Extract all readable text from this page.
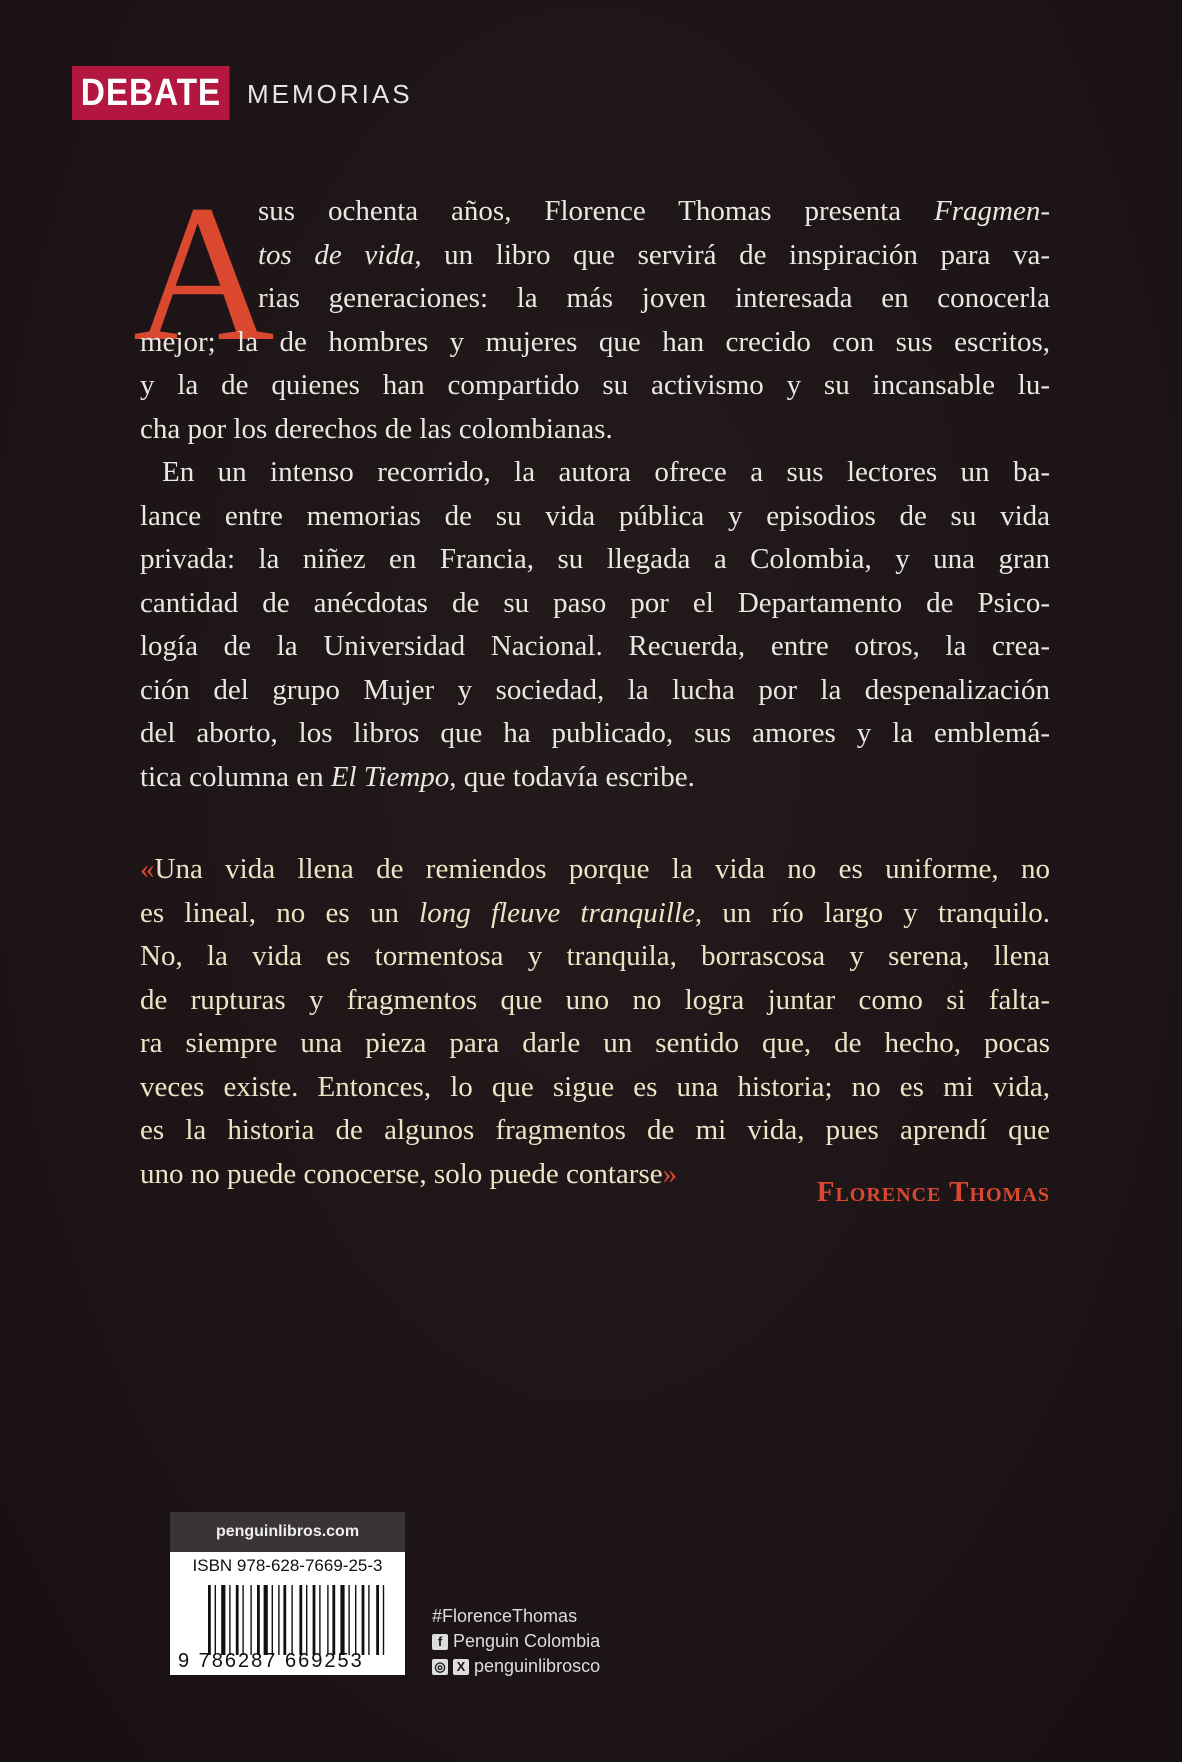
DEBATE MEMORIAS
A
sus ochenta años, Florence Thomas presenta Fragmen-
tos de vida, un libro que servirá de inspiración para va-
rias generaciones: la más joven interesada en conocerla
mejor; la de hombres y mujeres que han crecido con sus escritos,
y la de quienes han compartido su activismo y su incansable lu-
cha por los derechos de las colombianas.
En un intenso recorrido, la autora ofrece a sus lectores un ba-
lance entre memorias de su vida pública y episodios de su vida
privada: la niñez en Francia, su llegada a Colombia, y una gran
cantidad de anécdotas de su paso por el Departamento de Psico-
logía de la Universidad Nacional. Recuerda, entre otros, la crea-
ción del grupo Mujer y sociedad, la lucha por la despenalización
del aborto, los libros que ha publicado, sus amores y la emblemá-
tica columna en El Tiempo, que todavía escribe.
«Una vida llena de remiendos porque la vida no es uniforme, no
es lineal, no es un long fleuve tranquille, un río largo y tranquilo.
No, la vida es tormentosa y tranquila, borrascosa y serena, llena
de rupturas y fragmentos que uno no logra juntar como si falta-
ra siempre una pieza para darle un sentido que, de hecho, pocas
veces existe. Entonces, lo que sigue es una historia; no es mi vida,
es la historia de algunos fragmentos de mi vida, pues aprendí que
uno no puede conocerse, solo puede contarse»
Florence Thomas
penguinlibros.com
ISBN 978-628-7669-25-3
9 786287 669253
#FlorenceThomas
f Penguin Colombia
◎ X penguinlibrosco
